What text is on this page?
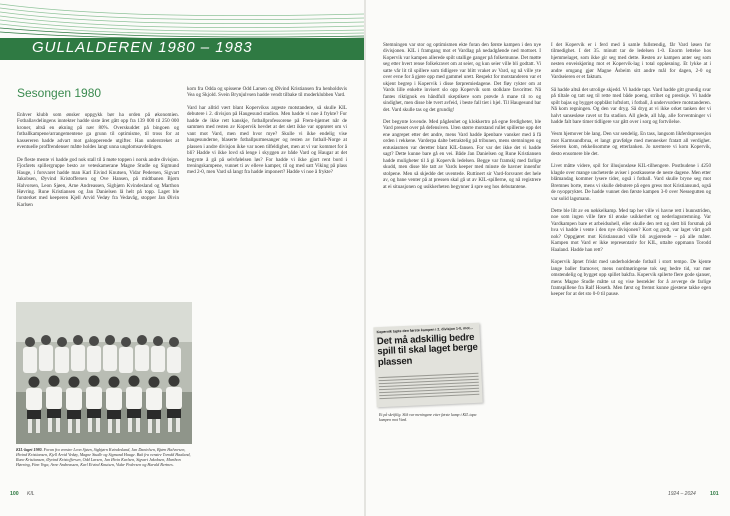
GULLALDEREN 1980 – 1983
Sesongen 1980

Enhver klubb som ønsker oppgykk bør ha orden på økonomien. Fotballavdelingens inntekter hadde siste året gått opp fra 139 000 til 250 000 kroner, altså en økning på nær 80%. Overskuddet på bingoen og fotballkampene/arrangementene ga grunn til optimisme, til tross for at kassereren hadde advart mot galopperende utgifter. Han understreket at eventuelle proffrendenser måtte holdes langt unna ungdomsavdelingen.

De fleste mente vi hadde god nok stall til å møte toppen i norsk andre divisjon. Fjorårets spillergruppe besto av veteskamerane Magne Studle og Sigmund Hauge, i forsvaret hadde man Karl Eivind Knutsen, Vidar Pedersen, Sigvart Jakobsen, Øyvind Kristoffersen og Ove Hansen, på midtbanen Bjørn Halvorsen, Leon Sjøen, Arne Andreassen, Sigbjørn Kvindesland og Marthon Høvring. Rune Kristiansen og Jan Danielsen lå helt på topp. Laget ble forsterket med keeperen Kjell Arvid Vedøy fra Vedavåg, stopper Jan Øivin Karlsen

kom fra Odda og spissene Odd Larsen og Øivind Kristiansen fra henholdsvis Vea og Skjold. Svein Brynjulvsen hadde vendt tilbake til moderklubben Vard.

Vard har alltid vært blant Kopervikss argeste motstandere, så skulle KIL debutere i 2. divisjon på Haugesund stadion. Men hadde vi noe å frykte? For hadde de ikke rett kanskje, fotballprofessorene på Frem-hjørnet når de sammen med resten av Kopervik hevdet at det slett ikke var opprøret om vi vant mot Vard, men med hvor mye? Skulle vi ikke endelig vise haugesunderne, blaserte fotballpurmesanger og resten av fotball-Norge at plassen i andre divisjon ikke var noen tilfeldighet, men at vi var kommet for å bli? Hadde vi ikke lovd så lenge i skyggen av både Vard og Haugar at det begynte å gå på selvfølelsen løs? For hadde vi ikke gjort rent bord i treningskampene, vunnet ti av elleve kamper, til og med satt Viking på plass med 2-0, men Vard så langt fra hadde imponert? Hadde vi noe å frykte?

KIL-laget 1980. Foran fra venstre Leon Sjøen, Sigbjørn Kvindesland, Jan Danielsen, Bjørn Halvorsen, Øivind Kristiansen, Kjell Arvid Vedøy, Magne Studle og Sigmund Hauge. Bak fra venstre Torodd Haaland, Rune Kristiansen, Øyvind Kristoffersen, Odd Larsen, Jan Øivin Karlsen, Sigvart Jakobsen, Marthon Høvring, Finn Vega, Arne Andreassen, Karl Eivind Knutsen, Vidar Pedersen og Harald Bertnes.
100 KIL

Stemningen var stor og optimismen ekte foran den første kampen i den nye divisjonen. KIL i framgang mot et Vardlag på nedadgående ned mottoet. I Kopervik var kampen allerede spilt utallige ganger på folkemunne. Det møtte seg etter hvert rense folkekravet om at seier, og kun seier ville bli godtatt. Vi satte vår lit til spillere som tidligere var blitt vraket av Vard, og nå ville yte over evne for å gjøre opp med gammel urett. Respekt for motstanderen var et ukjent begrep i Kopervik i disse førpremiedagene. Det fløy rykter om at Vards lille enkelte invisert slo opp Kopervik som stolklare favoritter. Nå fantes riktignok en håndfull skeptikere som prøvde å mane til ro og sindighet, men disse ble tvert avfeid, i beste fall tiet i hjel. Til Haugesund bar det. Vard skulle tas og det grundig!

Det begynte lovende. Med pågåenhet og klokkertro på egne ferdigheter, ble Vard presset over på defensiven. Uten større motstand rullet spillerne opp det ene angrepet etter det andre, mens Vard hadde åpenbare vansker med å få orden i rekkene. Varderpa dalte betraktelig på tribunen, mens stemningen og entusiasmen var deretter blant KIL-fansen. For var det ikke det vi hadde sagt? Dette kunne bare gå en vei. Både Jan Danielsen og Rune Kristiansen hadde muligheter til å gi Kopervik ledelsen. Begge var framskj med farlige skudd, men disse ble tatt av Vards keeper med minste de havner innenfor stolpene. Men så skjedde det uventede. Ruttinert sir Vard-forsvaret det hele av, og bane venter på at pressen skal gå ut av KIL-spillerne, og nå registrere at ei situasjonen og usikkerheten begynner å spre seg hos debutantene.

I det Kopervik er i ferd med å samle fullstendig, får Vard løsen for tilmedighet. I det 35. minutt tar de ledelsen 1-0. Enorm lettelse hos hjemmelaget, som ikke gir seg med dette. Resten av kampen anter seg som nesten enveiskjøring mot et Kopervik-lag i total oppløsning. Et lykke at i andre omgang gjør Magne Åsbeim sitt andre mål for dagen, 2-0 og Vardseieren er et faktum.

Så hadde altså det utrolige skjedd. Vi hadde tapt. Vard hadde gitt grundig svar på tiltale og tatt seg til rette med både poeng, strihet og prestisje. Vi hadde spilt bajas og bygget oppblåst luftslott, i fotball, å undervurdere motstanderen. Nå kom regningen. Og den var dryg. Så dryg at vi ikke orket tanken der vi halvt sansesløse ravet ut fra stadion. All glede, all håp, alle forventninger vi hadde falt bare timer tidligere var gått over i sorg og fortvilelse.

Vesm hjemover ble lang. Den var sendelig. En tass, langsom likferdsprosesjon mot Karmsundbrua, et langt gravfølge med mennesker fratatt all verdighet. Seieren kom, rekkelisomme og etterlanken. Jo nærmere vi kom Kopervik, desto ensomere ble det.

Livet måtte videre, spil for illusjonsløse KIL-tilhengere. Postbudene i 4250 klagde over mange uncheterde aviser i postkassene de neste dagene. Men etter blåmandag kommer lysere tider, også i fotball. Vard skulle bryne seg mot Bremnes borte, mens vi skulle debutere på egen gress mot Kristiansund, også de nyoppryktet. De hadde vunnet den første kampen 3-0 over Nessegutten og var solid lagsmann.

Dette ble lilt av en nøkkelkamp. Med tap her ville vi havne rett i bunnstriden, noe som ingen ville føre til ønske usikkerhet og nederlagsstemning. Var Vardkampen bare et arbeidsuhell, eller skulle den rett og slett bli forsmak på hva vi hadde i vente i den nye divisjonen? Kort og godt, var laget vårt godt nok? Oppgjøret mot Kristiansund ville bli avgjørende – på alle måter. Kampen mot Vard er ikke representativ for KIL, uttalte oppmann Torodd Haaland. Hadde han rett?

Kopervik åpnet friskt med underholdende fotball i stort tempo. De kjente lange baller framover, mens nordmøringene tok seg bedre tid, var mer omstendelig og bygget opp spillet bakfra. Kopervik spilerte flere gode sjanser, mens Magne Studle måtte ut og vise bestekler for å avverge de farlige framspillene fra Ralf Hoseth. Men først og fremst kunne gjestene takke egen keeper for at det sto 0-0 til pause.

1924 – 2024	101
Kopervik tapte den første kampen i 2. divisjon 1-0, mot...
Det må adskillig bedre spill til skal laget berge plassen
Et på skriftlig. Slik var meningene etter første kamp i KIL tapa kampen mot Vard.
